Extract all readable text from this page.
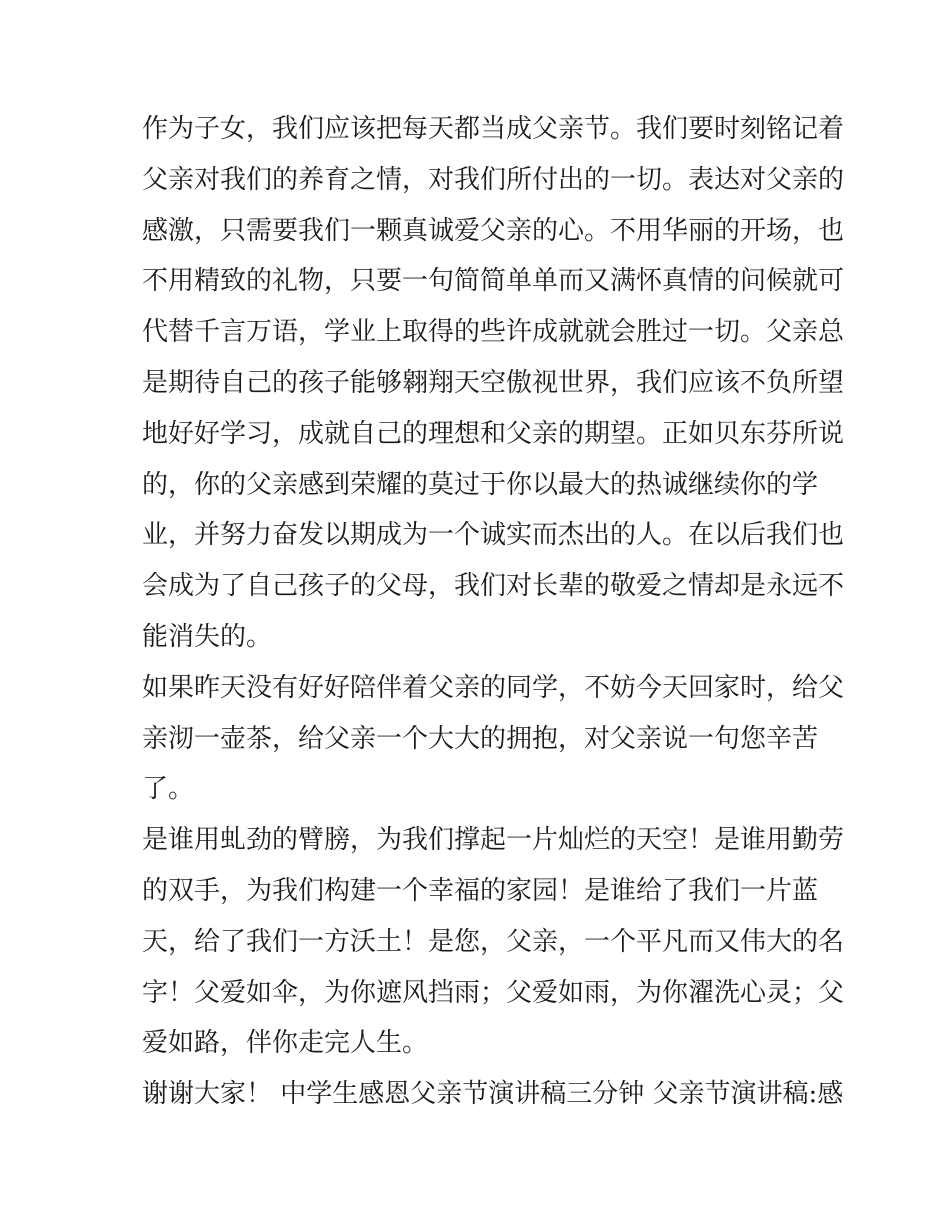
作为子女，我们应该把每天都当成父亲节。我们要时刻铭记着
父亲对我们的养育之情，对我们所付出的一切。表达对父亲的
感激，只需要我们一颗真诚爱父亲的心。不用华丽的开场，也
不用精致的礼物，只要一句简简单单而又满怀真情的问候就可
代替千言万语，学业上取得的些许成就就会胜过一切。父亲总
是期待自己的孩子能够翱翔天空傲视世界，我们应该不负所望
地好好学习，成就自己的理想和父亲的期望。正如贝东芬所说
的，你的父亲感到荣耀的莫过于你以最大的热诚继续你的学
业，并努力奋发以期成为一个诚实而杰出的人。在以后我们也
会成为了自己孩子的父母，我们对长辈的敬爱之情却是永远不
能消失的。

如果昨天没有好好陪伴着父亲的同学，不妨今天回家时，给父
亲沏一壶茶，给父亲一个大大的拥抱，对父亲说一句您辛苦
了。

是谁用虬劲的臂膀，为我们撑起一片灿烂的天空！是谁用勤劳
的双手，为我们构建一个幸福的家园！是谁给了我们一片蓝
天，给了我们一方沃土！是您，父亲，一个平凡而又伟大的名
字！父爱如伞，为你遮风挡雨；父爱如雨，为你濯洗心灵；父
爱如路，伴你走完人生。

谢谢大家！ 中学生感恩父亲节演讲稿三分钟 父亲节演讲稿:感
